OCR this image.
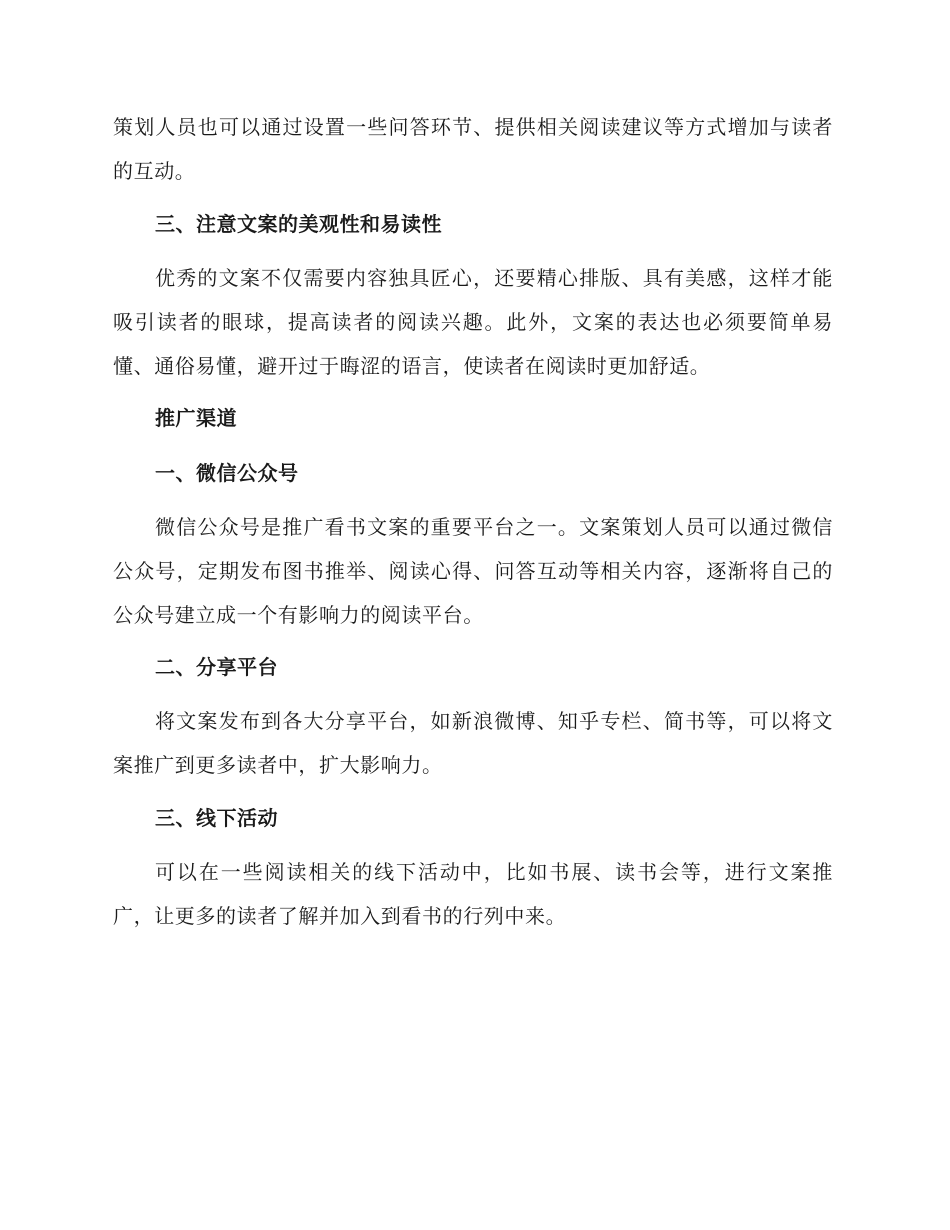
策划人员也可以通过设置一些问答环节、提供相关阅读建议等方式增加与读者的互动。

三、注意文案的美观性和易读性

优秀的文案不仅需要内容独具匠心，还要精心排版、具有美感，这样才能吸引读者的眼球，提高读者的阅读兴趣。此外，文案的表达也必须要简单易懂、通俗易懂，避开过于晦涩的语言，使读者在阅读时更加舒适。

推广渠道
一、微信公众号

微信公众号是推广看书文案的重要平台之一。文案策划人员可以通过微信公众号，定期发布图书推举、阅读心得、问答互动等相关内容，逐渐将自己的公众号建立成一个有影响力的阅读平台。

二、分享平台

将文案发布到各大分享平台，如新浪微博、知乎专栏、简书等，可以将文案推广到更多读者中，扩大影响力。

三、线下活动

可以在一些阅读相关的线下活动中，比如书展、读书会等，进行文案推广，让更多的读者了解并加入到看书的行列中来。
